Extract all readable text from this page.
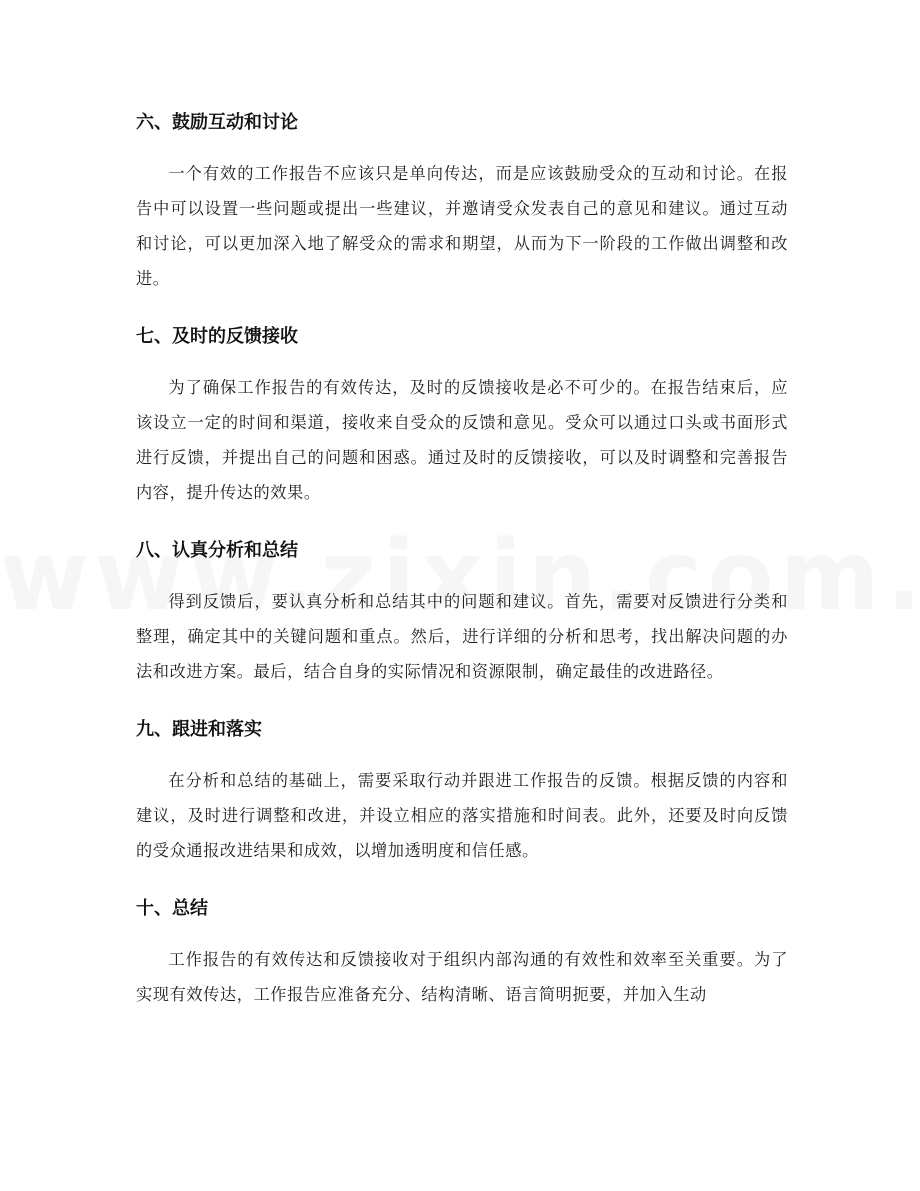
六、鼓励互动和讨论

一个有效的工作报告不应该只是单向传达，而是应该鼓励受众的互动和讨论。在报告中可以设置一些问题或提出一些建议，并邀请受众发表自己的意见和建议。通过互动和讨论，可以更加深入地了解受众的需求和期望，从而为下一阶段的工作做出调整和改进。

七、及时的反馈接收

为了确保工作报告的有效传达，及时的反馈接收是必不可少的。在报告结束后，应该设立一定的时间和渠道，接收来自受众的反馈和意见。受众可以通过口头或书面形式进行反馈，并提出自己的问题和困惑。通过及时的反馈接收，可以及时调整和完善报告内容，提升传达的效果。

八、认真分析和总结

得到反馈后，要认真分析和总结其中的问题和建议。首先，需要对反馈进行分类和整理，确定其中的关键问题和重点。然后，进行详细的分析和思考，找出解决问题的办法和改进方案。最后，结合自身的实际情况和资源限制，确定最佳的改进路径。

九、跟进和落实

在分析和总结的基础上，需要采取行动并跟进工作报告的反馈。根据反馈的内容和建议，及时进行调整和改进，并设立相应的落实措施和时间表。此外，还要及时向反馈的受众通报改进结果和成效，以增加透明度和信任感。

十、总结

工作报告的有效传达和反馈接收对于组织内部沟通的有效性和效率至关重要。为了实现有效传达，工作报告应准备充分、结构清晰、语言简明扼要，并加入生动
